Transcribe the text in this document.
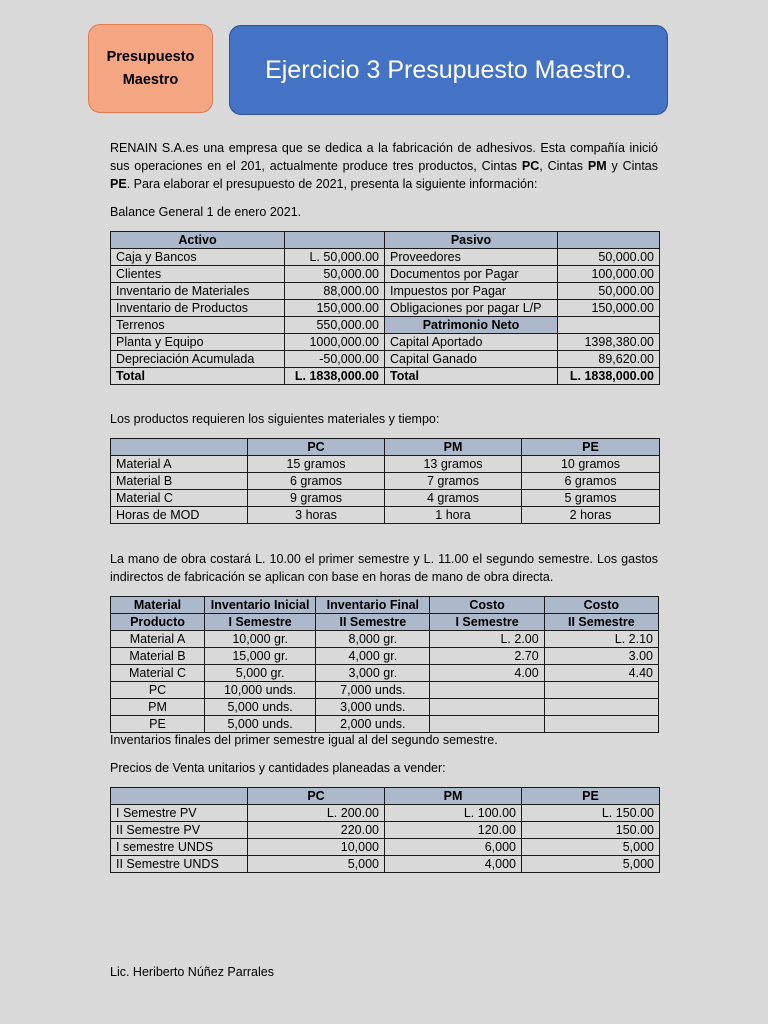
Presupuesto
Maestro	Ejercicio 3 Presupuesto Maestro.

RENAIN S.A.es una empresa que se dedica a la fabricación de adhesivos. Esta compañía inició sus operaciones en el 201, actualmente produce tres productos, Cintas PC, Cintas PM y Cintas PE. Para elaborar el presupuesto de 2021, presenta la siguiente información:

Balance General 1 de enero 2021.

Activo		Pasivo	
Caja y Bancos	L. 50,000.00	Proveedores	50,000.00
Clientes	50,000.00	Documentos por Pagar	100,000.00
Inventario de Materiales	88,000.00	Impuestos por Pagar	50,000.00
Inventario de Productos	150,000.00	Obligaciones por pagar L/P	150,000.00
Terrenos	550,000.00	Patrimonio Neto	
Planta y Equipo	1000,000.00	Capital Aportado	1398,380.00
Depreciación Acumulada	-50,000.00	Capital Ganado	89,620.00
Total	L. 1838,000.00	Total	L. 1838,000.00

Los productos requieren los siguientes materiales y tiempo:

	PC	PM	PE
Material A	15 gramos	13 gramos	10 gramos
Material B	6 gramos	7 gramos	6 gramos
Material C	9 gramos	4 gramos	5 gramos
Horas de MOD	3 horas	1 hora	2 horas

La mano de obra costará L. 10.00 el primer semestre y L. 11.00 el segundo semestre. Los gastos indirectos de fabricación se aplican con base en horas de mano de obra directa.

Material	Inventario Inicial	Inventario Final	Costo	Costo
Producto	I Semestre	II Semestre	I Semestre	II Semestre
Material A	10,000 gr.	8,000 gr.	L. 2.00	L. 2.10
Material B	15,000 gr.	4,000 gr.	2.70	3.00
Material C	5,000 gr.	3,000 gr.	4.00	4.40
PC	10,000 unds.	7,000 unds.		
PM	5,000 unds.	3,000 unds.		
PE	5,000 unds.	2,000 unds.		

Inventarios finales del primer semestre igual al del segundo semestre.

Precios de Venta unitarios y cantidades planeadas a vender:

	PC	PM	PE
I Semestre PV	L. 200.00	L. 100.00	L. 150.00
II Semestre PV	220.00	120.00	150.00
I semestre UNDS	10,000	6,000	5,000
II Semestre UNDS	5,000	4,000	5,000

Lic. Heriberto Núñez Parrales
